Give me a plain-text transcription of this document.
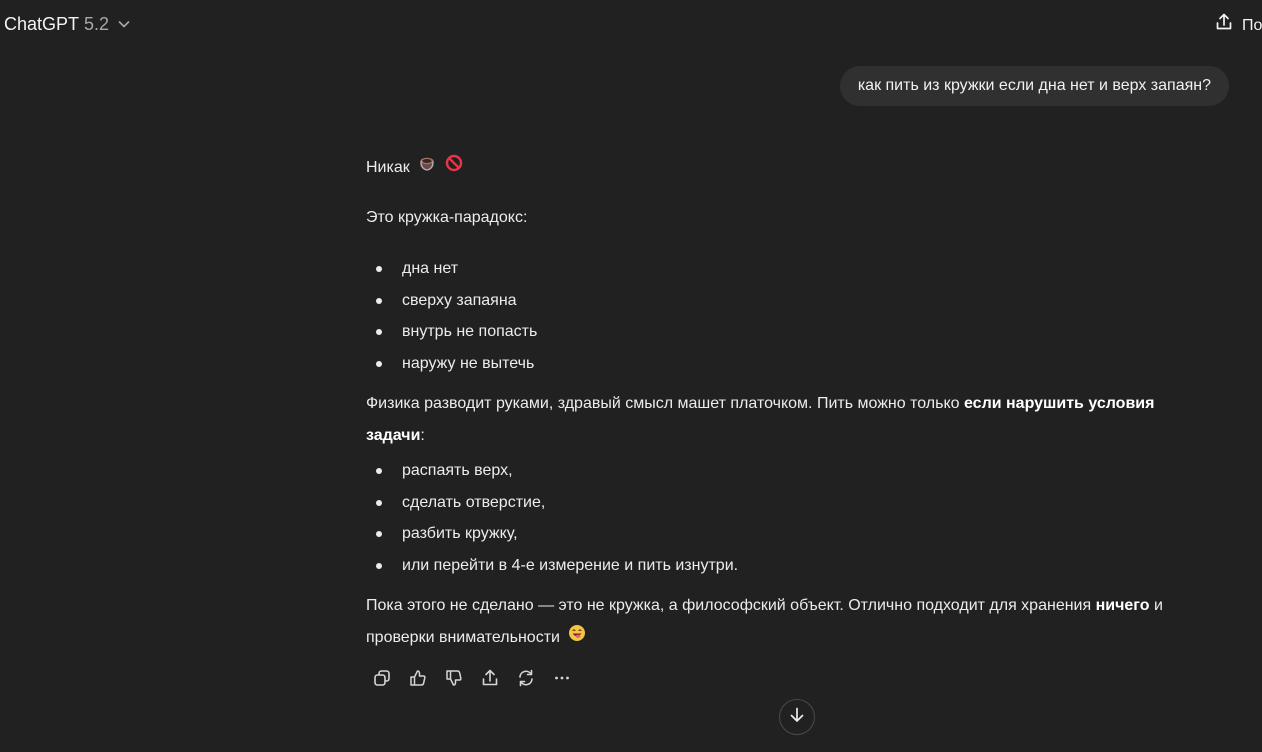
ChatGPT 5.2	По
как пить из кружки если дна нет и верх запаян?

Никак

Это кружка-парадокс:

дна нет
сверху запаяна
внутрь не попасть
наружу не вытечь

Физика разводит руками, здравый смысл машет платочком. Пить можно только если нарушить условия задачи:

распаять верх,
сделать отверстие,
разбить кружку,
или перейти в 4-е измерение и пить изнутри.

Пока этого не сделано — это не кружка, а философский объект. Отлично подходит для хранения ничего и проверки внимательности
